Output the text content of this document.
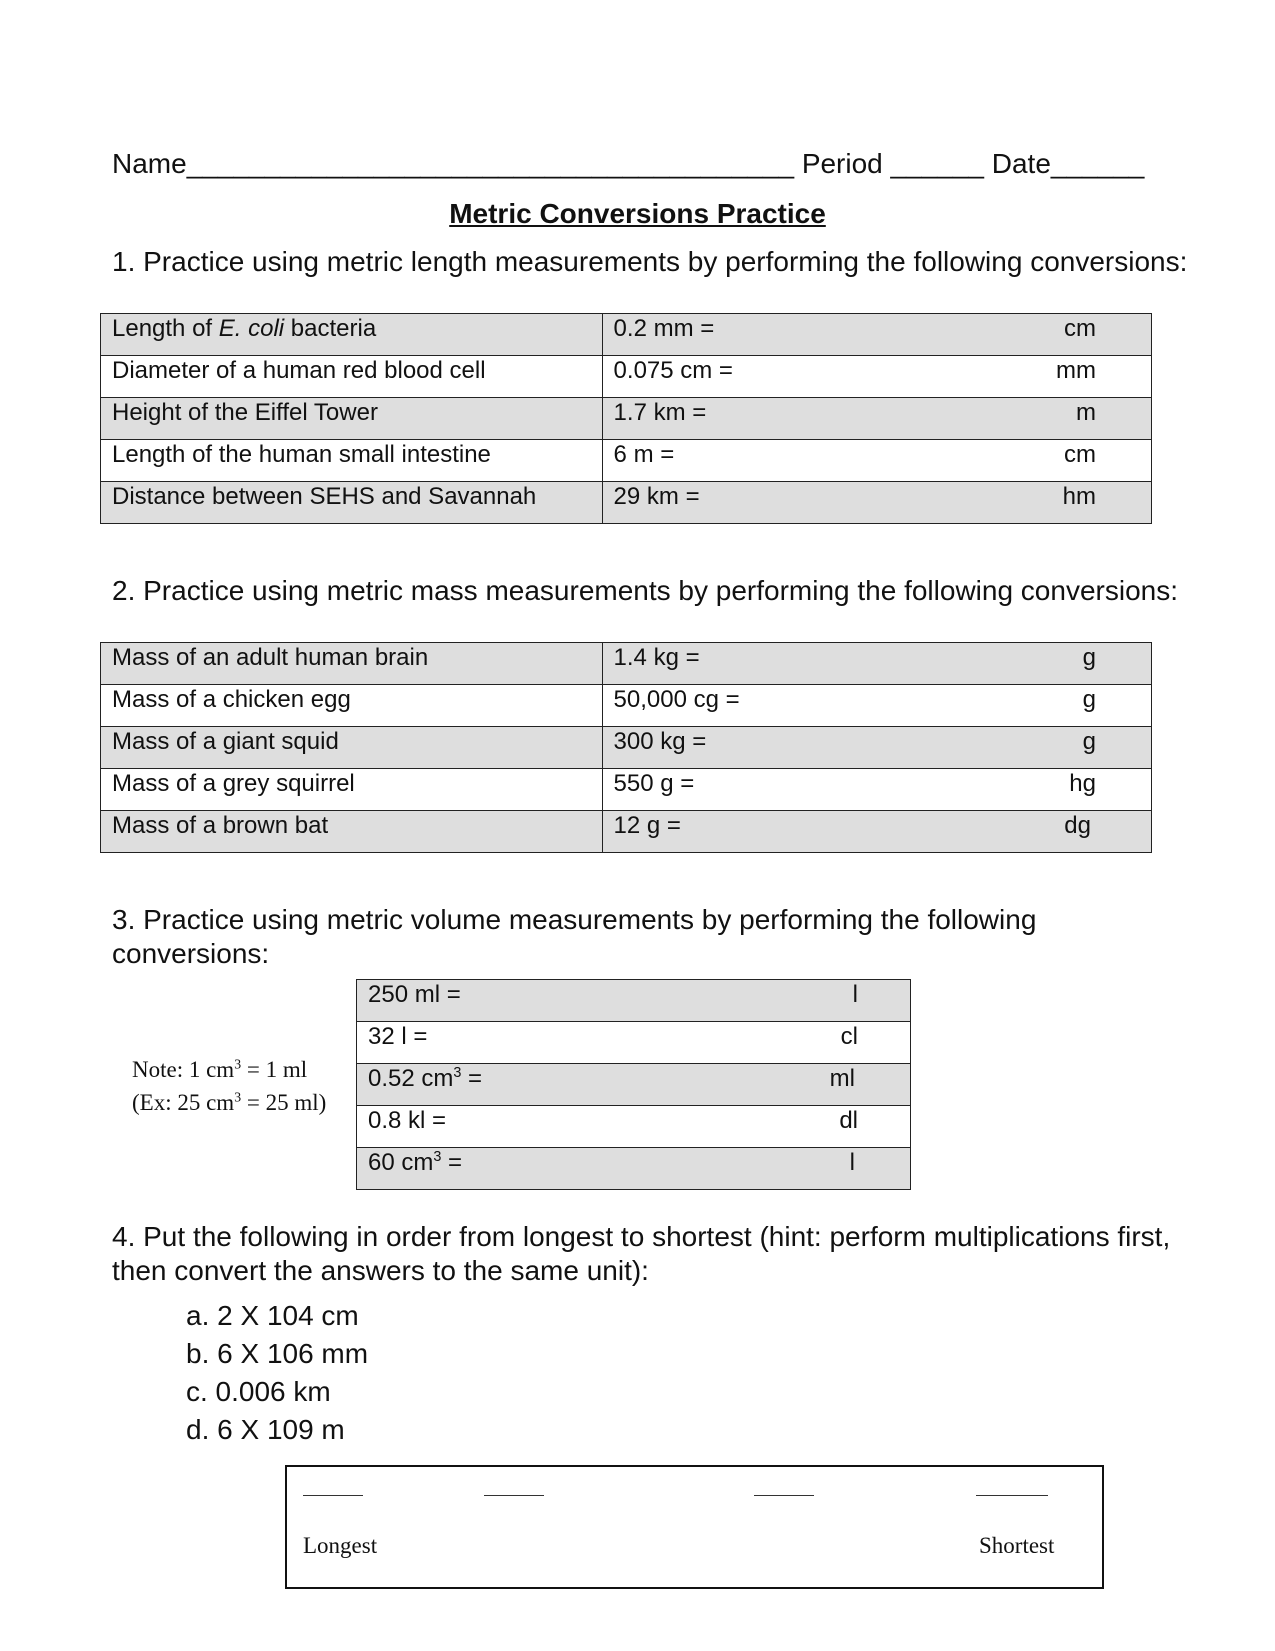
Name_______________________________________ Period ______ Date______
Metric Conversions Practice
1. Practice using metric length measurements by performing the following conversions:
Length of E. coli bacteria	0.2 mm = cm

Diameter of a human red blood cell	0.075 cm = mm

Height of the Eiffel Tower	1.7 km = m

Length of the human small intestine	6 m = cm

Distance between SEHS and Savannah	29 km = hm
2. Practice using metric mass measurements by performing the following conversions:
Mass of an adult human brain	1.4 kg = g

Mass of a chicken egg	50,000 cg = g

Mass of a giant squid	300 kg = g

Mass of a grey squirrel	550 g = hg

Mass of a brown bat	12 g = dg
3. Practice using metric volume measurements by performing the following conversions:
Note: 1 $cm^3 = 1$ ml
(Ex: 25 $cm^3 = 25$ ml)
250 ml =	l

32 l =	cl

0.52 $cm^3$ =	ml

0.8 kl =	dl

60 $cm^3$ =	l
4. Put the following in order from longest to shortest (hint: perform multiplications first, then convert the answers to the same unit):
a. 2 X 104 cm
b. 6 X 106 mm
c. 0.006 km
d. 6 X 109 m
Longest	Shortest
